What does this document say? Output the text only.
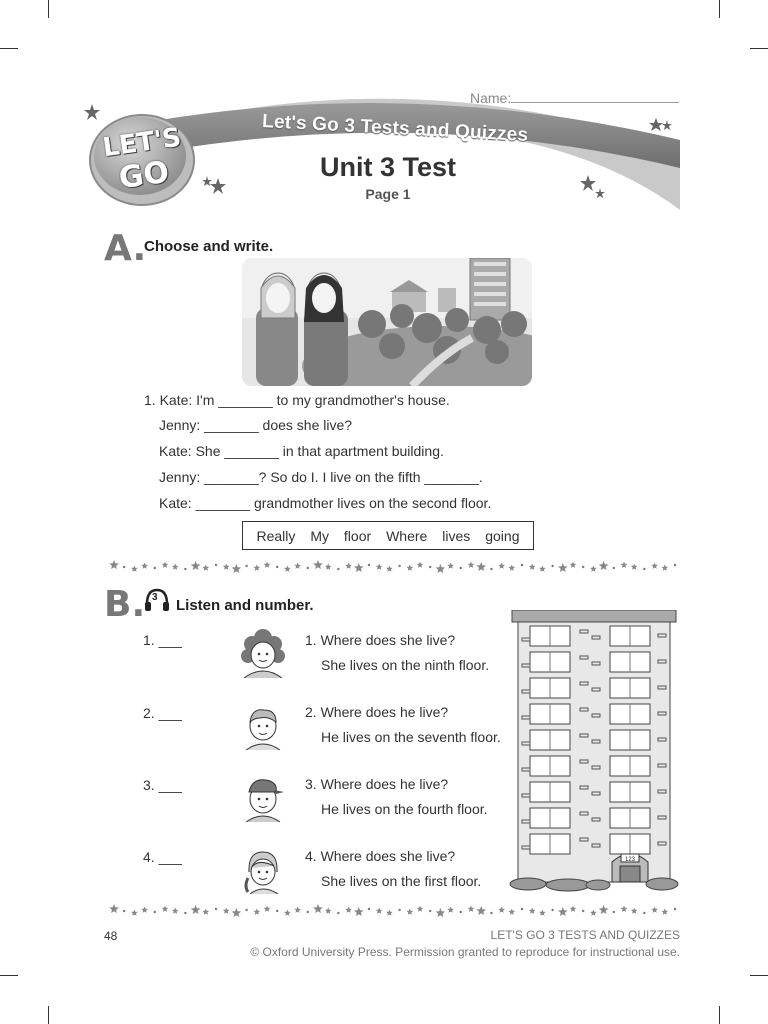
Name:
LET'S
GO
Let's Go 3 Tests and Quizzes
Unit 3 Test
Page 1
A.
Choose and write.
1. Kate: I'm _______ to my grandmother's house.
Jenny: _______ does she live?
Kate: She _______ in that apartment building.
Jenny: _______? So do I. I live on the fifth _______.
Kate: _______ grandmother lives on the second floor.
Really My floor Where lives going
B. 3 Listen and number.
1. ___
2. ___
3. ___
4. ___
1. Where does she live?
She lives on the ninth floor.
2. Where does he live?
He lives on the seventh floor.
3. Where does he live?
He lives on the fourth floor.
4. Where does she live?
She lives on the first floor.
123
48	LET'S GO 3 TESTS AND QUIZZES
© Oxford University Press. Permission granted to reproduce for instructional use.
